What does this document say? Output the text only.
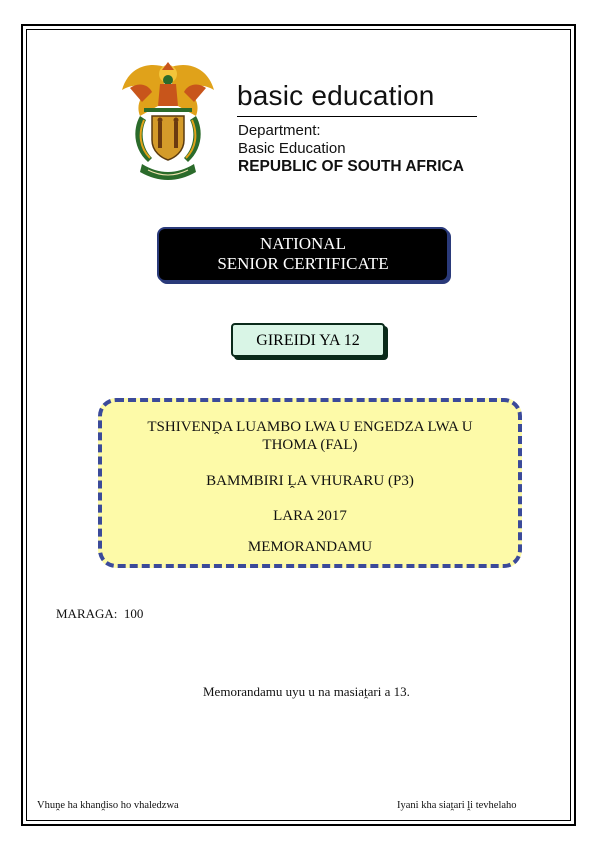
basic education
Department:
Basic Education
REPUBLIC OF SOUTH AFRICA
NATIONAL
SENIOR CERTIFICATE
GIREIDI YA 12
TSHIVENḒA LUAMBO LWA U ENGEDZA LWA U
THOMA (FAL)
BAMMBIRI ḼA VHURARU (P3)
LARA 2017
MEMORANDAMU
MARAGA: 100
Memorandamu uyu u na masiaṱari a 13.
Vhuṋe ha khanḓiso ho vhaledzwa	Iyani kha siaṱari ḽi tevhelaho
